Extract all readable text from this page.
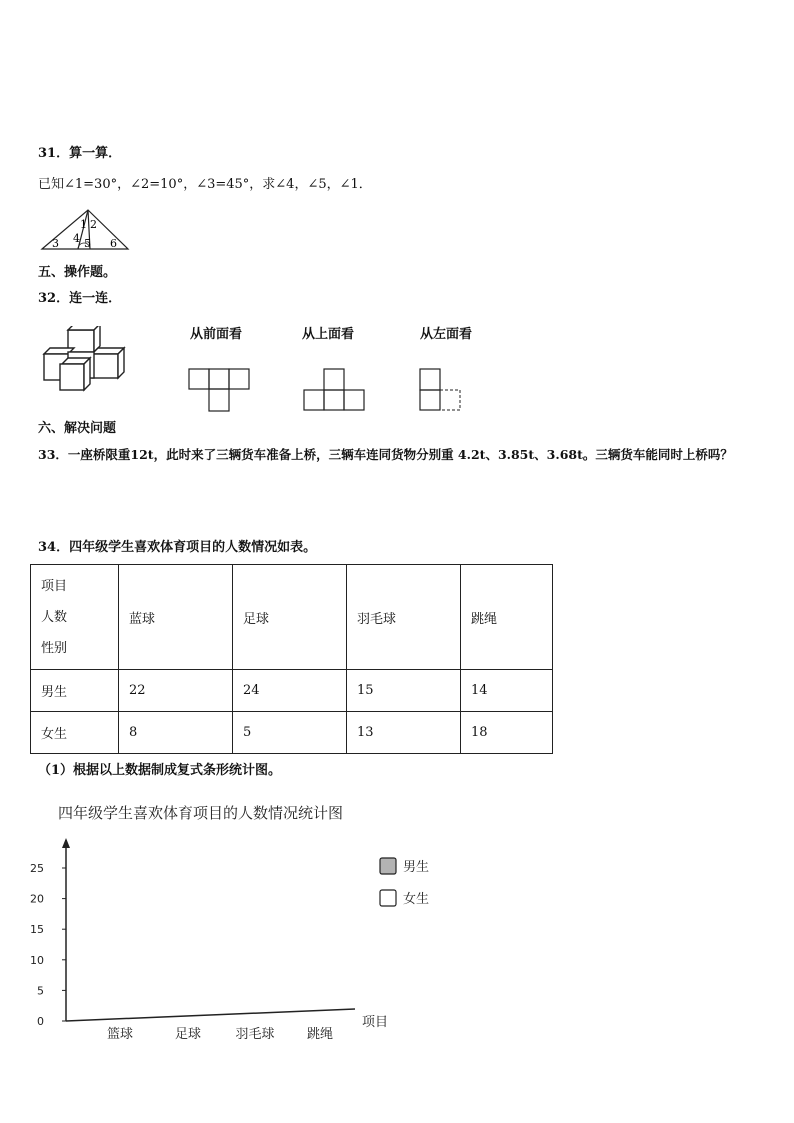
31．算一算．
已知∠1=30°，∠2=10°，∠3=45°，求∠4，∠5，∠1．
1 2
3 4 5 6
五、操作题。
32．连一连．
从前面看	从上面看	从左面看
六、解决问题
33．一座桥限重12t，此时来了三辆货车准备上桥，三辆车连同货物分别重 4.2t、3.85t、3.68t。三辆货车能同时上桥吗？
34．四年级学生喜欢体育项目的人数情况如表。
项目
人数
性别	蓝球	足球	羽毛球	跳绳
男生	22	24	15	14
女生	8	5	13	18
（1）根据以上数据制成复式条形统计图。
四年级学生喜欢体育项目的人数情况统计图
0
5
10
15
20
25
篮球	足球	羽毛球 跳绳
项目
男生
女生
